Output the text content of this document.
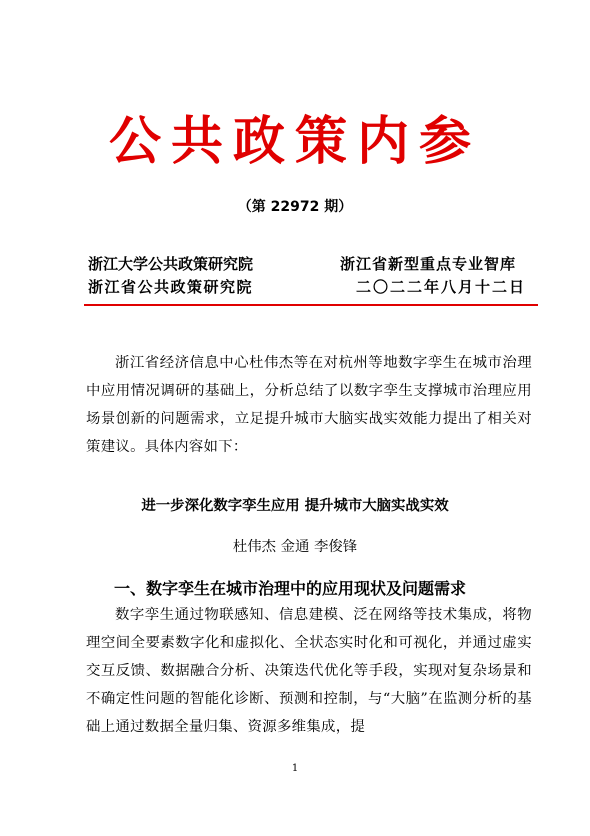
公共政策内参
（第 22972 期）
浙江大学公共政策研究院	浙江省新型重点专业智库
浙江省公共政策研究院	二〇二二年八月十二日
浙江省经济信息中心杜伟杰等在对杭州等地数字孪生在城市治理中应用情况调研的基础上，分析总结了以数字孪生支撑城市治理应用场景创新的问题需求，立足提升城市大脑实战实效能力提出了相关对策建议。具体内容如下：
进一步深化数字孪生应用 提升城市大脑实战实效
杜伟杰 金通 李俊锋
一、数字孪生在城市治理中的应用现状及问题需求
数字孪生通过物联感知、信息建模、泛在网络等技术集成，将物理空间全要素数字化和虚拟化、全状态实时化和可视化，并通过虚实交互反馈、数据融合分析、决策迭代优化等手段，实现对复杂场景和不确定性问题的智能化诊断、预测和控制，与“大脑”在监测分析的基础上通过数据全量归集、资源多维集成，提
1
